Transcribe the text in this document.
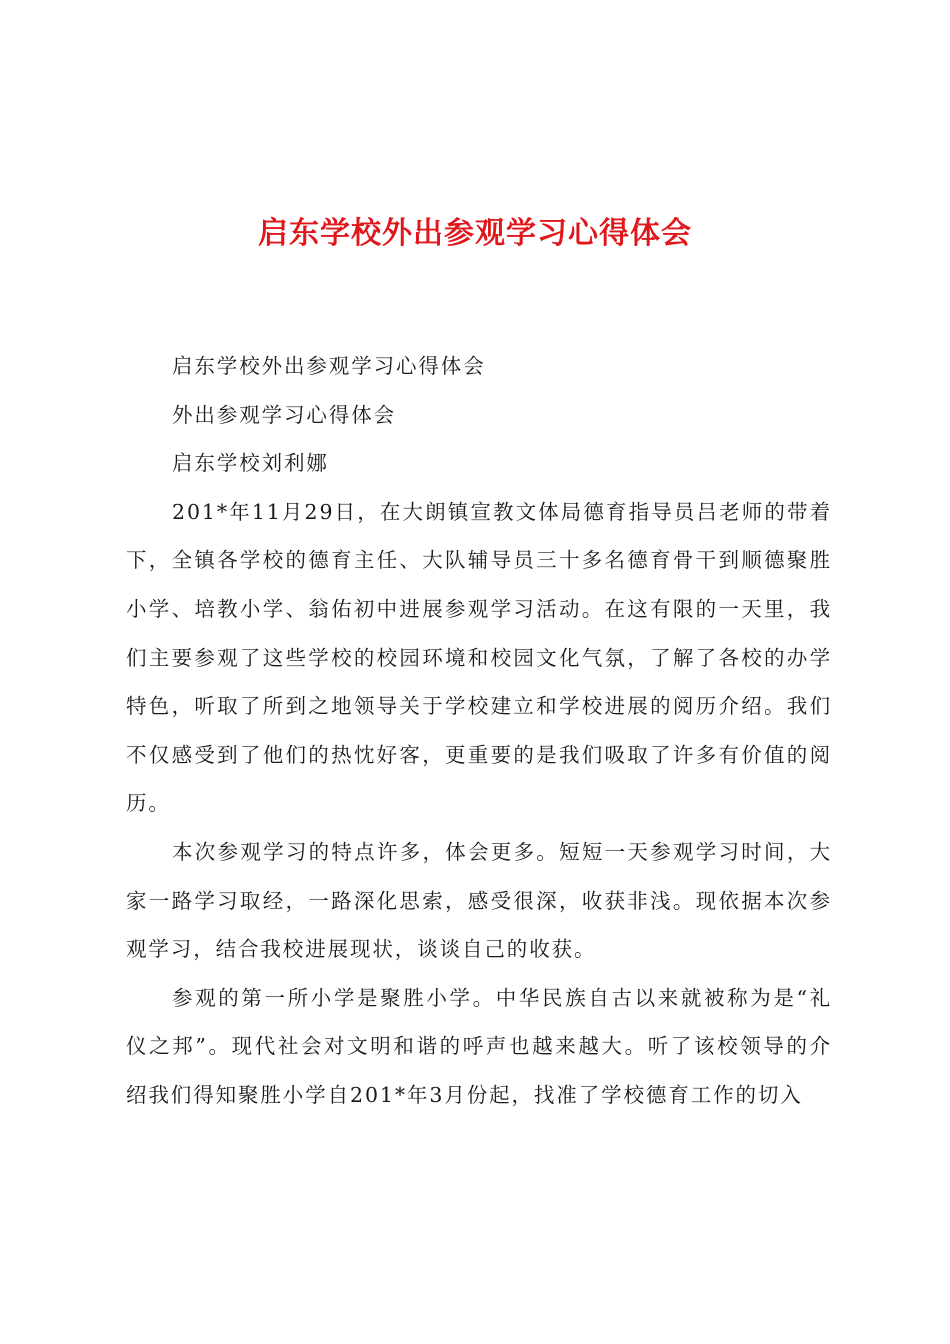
启东学校外出参观学习心得体会

启东学校外出参观学习心得体会

外出参观学习心得体会

启东学校刘利娜

201*年11月29日，在大朗镇宣教文体局德育指导员吕老师的带着下，全镇各学校的德育主任、大队辅导员三十多名德育骨干到顺德聚胜小学、培教小学、翁佑初中进展参观学习活动。在这有限的一天里，我们主要参观了这些学校的校园环境和校园文化气氛，了解了各校的办学特色，听取了所到之地领导关于学校建立和学校进展的阅历介绍。我们不仅感受到了他们的热忱好客，更重要的是我们吸取了许多有价值的阅历。

本次参观学习的特点许多，体会更多。短短一天参观学习时间，大家一路学习取经，一路深化思索，感受很深，收获非浅。现依据本次参观学习，结合我校进展现状，谈谈自己的收获。

参观的第一所小学是聚胜小学。中华民族自古以来就被称为是“礼仪之邦”。现代社会对文明和谐的呼声也越来越大。听了该校领导的介绍我们得知聚胜小学自201*年3月份起，找准了学校德育工作的切入
